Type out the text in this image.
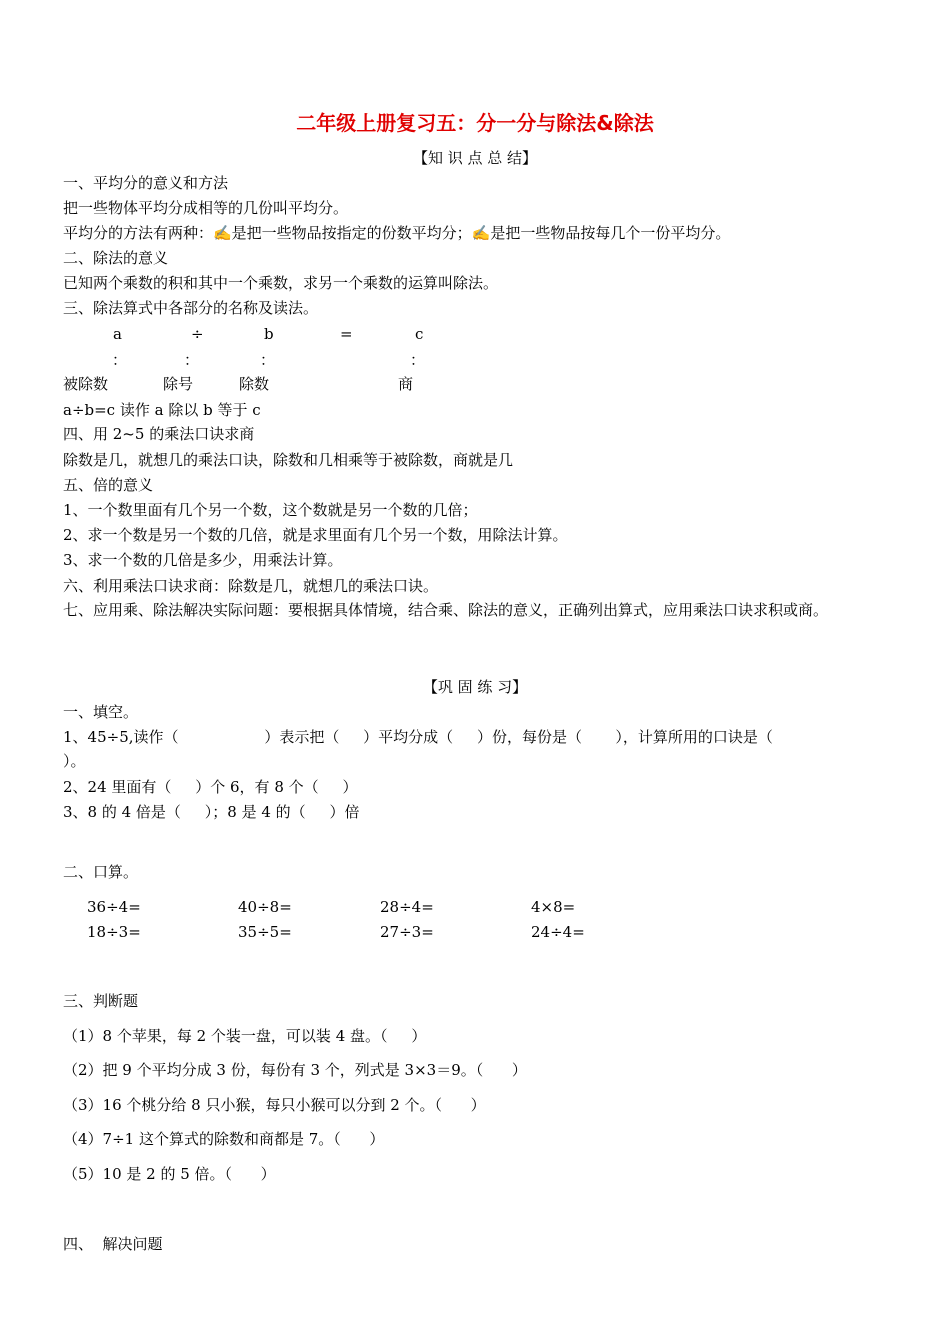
二年级上册复习五：分一分与除法&除法
【知 识 点 总 结】
一、平均分的意义和方法
把一些物体平均分成相等的几份叫平均分。
平均分的方法有两种：✍是把一些物品按指定的份数平均分；✍是把一些物品按每几个一份平均分。
二、除法的意义
已知两个乘数的积和其中一个乘数，求另一个乘数的运算叫除法。
三、除法算式中各部分的名称及读法。
a	÷	b	=	c
：	：	：	：
被除数	除号	除数	商
a÷b=c 读作 a 除以 b 等于 c
四、用 2~5 的乘法口诀求商
除数是几，就想几的乘法口诀，除数和几相乘等于被除数，商就是几
五、倍的意义
1、一个数里面有几个另一个数，这个数就是另一个数的几倍；
2、求一个数是另一个数的几倍，就是求里面有几个另一个数，用除法计算。
3、求一个数的几倍是多少，用乘法计算。
六、利用乘法口诀求商：除数是几，就想几的乘法口诀。
七、应用乘、除法解决实际问题：要根据具体情境，结合乘、除法的意义，正确列出算式，应用乘法口诀求积或商。
【巩 固 练 习】
一、填空。
1、45÷5,读作（                  ）表示把（     ）平均分成（     ）份，每份是（       ），计算所用的口诀是（
）。
2、24 里面有（     ）个 6，有 8 个（     ）
3、8 的 4 倍是（     ）；8 是 4 的（     ）倍
二、口算。
36÷4=	40÷8=	28÷4=	4×8=
18÷3=	35÷5=	27÷3=	24÷4=
三、判断题
（1）8 个苹果，每 2 个装一盘，可以装 4 盘。（     ）
（2）把 9 个平均分成 3 份，每份有 3 个，列式是 3×3＝9。（      ）
（3）16 个桃分给 8 只小猴，每只小猴可以分到 2 个。（      ）
（4）7÷1 这个算式的除数和商都是 7。（      ）
（5）10 是 2 的 5 倍。（      ）
四、  解决问题
